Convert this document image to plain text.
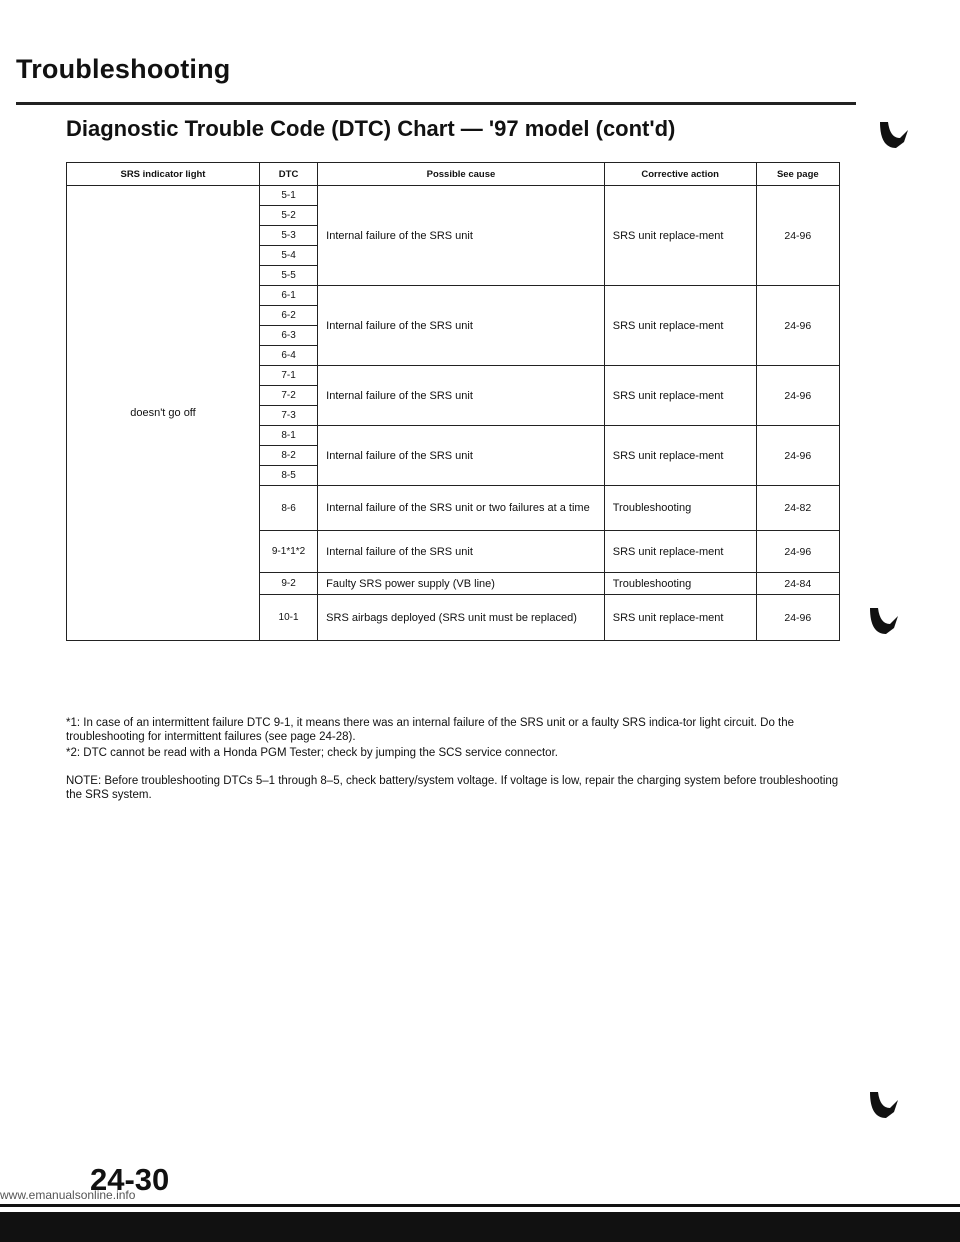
Troubleshooting
Diagnostic Trouble Code (DTC) Chart — '97 model (cont'd)
SRS indicator light	DTC	Possible cause	Corrective action	See page
doesn't go off	5-1	Internal failure of the SRS unit	SRS unit replace-ment	24-96
	5-2			
	5-3			
	5-4			
	5-5			
	6-1	Internal failure of the SRS unit	SRS unit replace-ment	24-96
	6-2			
	6-3			
	6-4			
	7-1	Internal failure of the SRS unit	SRS unit replace-ment	24-96
	7-2			
	7-3			
	8-1	Internal failure of the SRS unit	SRS unit replace-ment	24-96
	8-2			
	8-5			
	8-6	Internal failure of the SRS unit or two failures at a time	Troubleshooting	24-82
	9-1*1*2	Internal failure of the SRS unit	SRS unit replace-ment	24-96
	9-2	Faulty SRS power supply (VB line)	Troubleshooting	24-84
	10-1	SRS airbags deployed (SRS unit must be replaced)	SRS unit replace-ment	24-96

*1: In case of an intermittent failure DTC 9-1, it means there was an internal failure of the SRS unit or a faulty SRS indica-tor light circuit. Do the troubleshooting for intermittent failures (see page 24-28).

*2: DTC cannot be read with a Honda PGM Tester; check by jumping the SCS service connector.

NOTE: Before troubleshooting DTCs 5–1 through 8–5, check battery/system voltage. If voltage is low, repair the charging system before troubleshooting the SRS system.

24-30
www.emanualsonline.info
